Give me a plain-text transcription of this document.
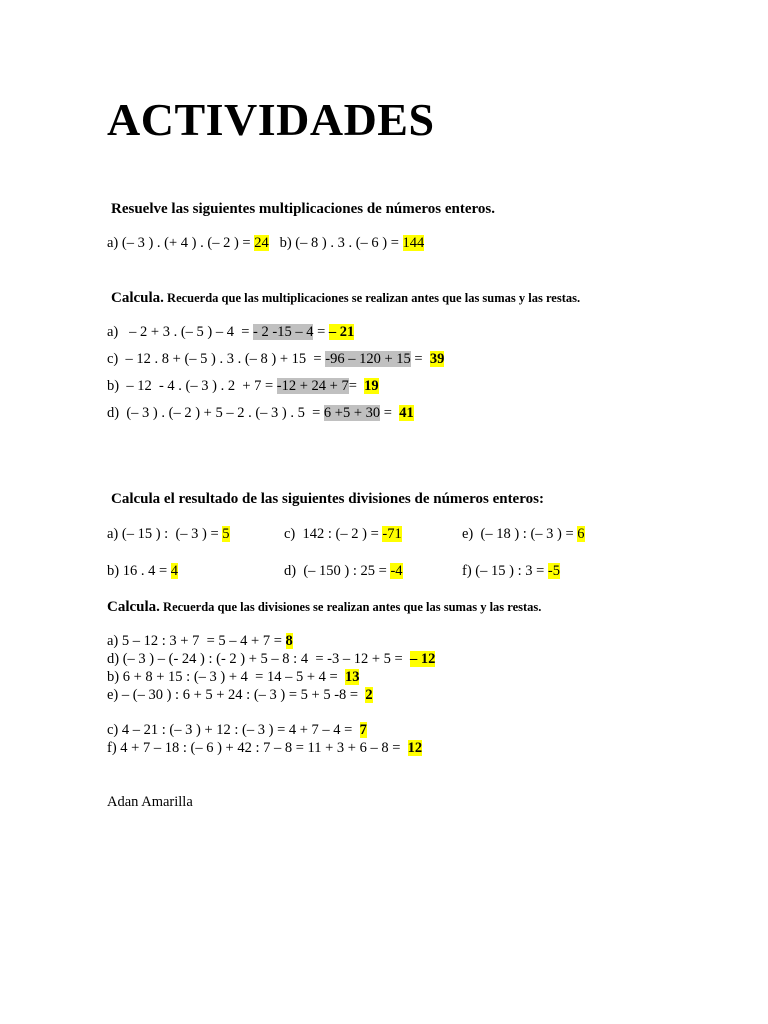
ACTIVIDADES
Resuelve las siguientes multiplicaciones de números enteros.
a) (– 3 ) . (+ 4 ) . (– 2 ) = 24 b) (– 8 ) . 3 . (– 6 ) = 144
Calcula. Recuerda que las multiplicaciones se realizan antes que las sumas y las restas.
a)   – 2 + 3 . (– 5 ) – 4  = - 2 -15 – 4 = – 21
c)  – 12 . 8 + (– 5 ) . 3 . (– 8 ) + 15  = -96 – 120 + 15 =  39
b)  – 12  - 4 . (– 3 ) . 2  + 7 = -12 + 24 + 7=  19
d)  (– 3 ) . (– 2 ) + 5 – 2 . (– 3 ) . 5  = 6 +5 + 30 =  41
Calcula el resultado de las siguientes divisiones de números enteros:
a) (– 15 ) :  (– 3 ) = 5	c)  142 : (– 2 ) = -71	e)  (– 18 ) : (– 3 ) = 6
b) 16 . 4 = 4	d)  (– 150 ) : 25 = -4	f) (– 15 ) : 3 = -5
Calcula. Recuerda que las divisiones se realizan antes que las sumas y las restas.
a) 5 – 12 : 3 + 7  = 5 – 4 + 7 = 8
d) (– 3 ) – (- 24 ) : (- 2 ) + 5 – 8 : 4  = -3 – 12 + 5 =  – 12
b) 6 + 8 + 15 : (– 3 ) + 4  = 14 – 5 + 4 =  13
e) – (– 30 ) : 6 + 5 + 24 : (– 3 ) = 5 + 5 -8 =  2
c) 4 – 21 : (– 3 ) + 12 : (– 3 ) = 4 + 7 – 4 =  7
f) 4 + 7 – 18 : (– 6 ) + 42 : 7 – 8 = 11 + 3 + 6 – 8 =  12
Adan Amarilla
